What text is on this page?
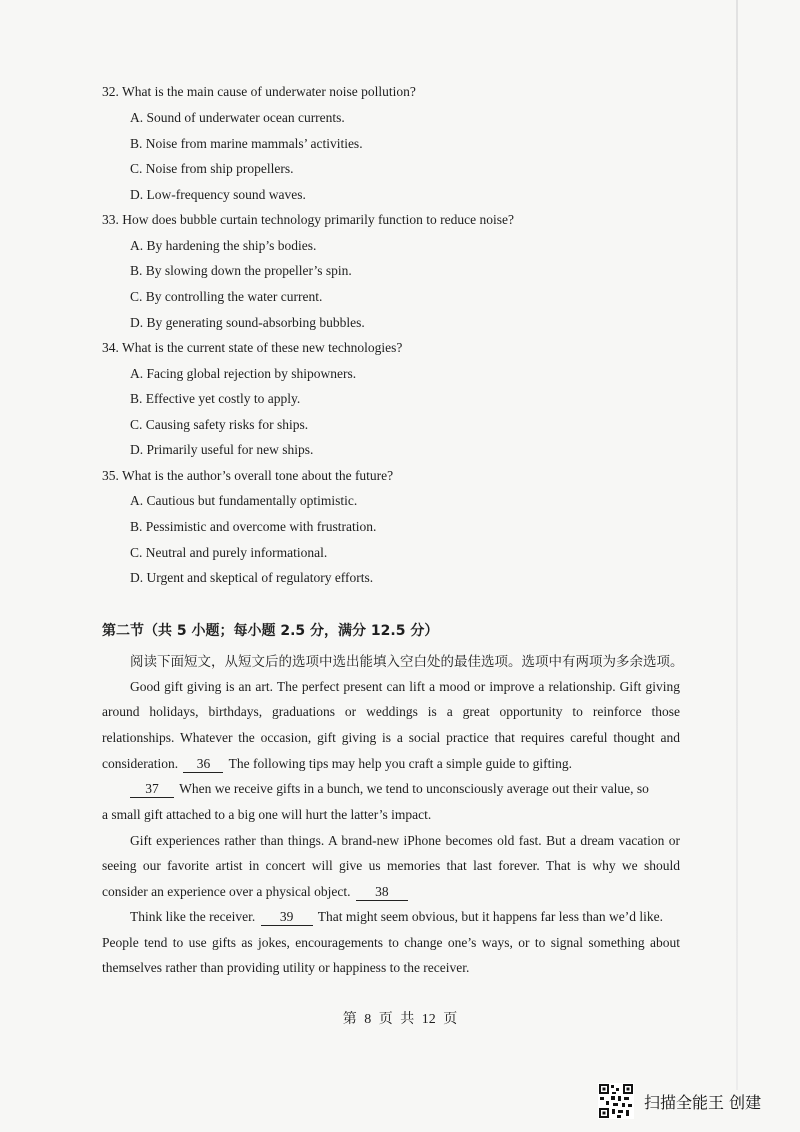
32. What is the main cause of underwater noise pollution?
A. Sound of underwater ocean currents.
B. Noise from marine mammals’ activities.
C. Noise from ship propellers.
D. Low-frequency sound waves.
33. How does bubble curtain technology primarily function to reduce noise?
A. By hardening the ship’s bodies.
B. By slowing down the propeller’s spin.
C. By controlling the water current.
D. By generating sound-absorbing bubbles.
34. What is the current state of these new technologies?
A. Facing global rejection by shipowners.
B. Effective yet costly to apply.
C. Causing safety risks for ships.
D. Primarily useful for new ships.
35. What is the author’s overall tone about the future?
A. Cautious but fundamentally optimistic.
B. Pessimistic and overcome with frustration.
C. Neutral and purely informational.
D. Urgent and skeptical of regulatory efforts.
第二节（共 5 小题；每小题 2.5 分，满分 12.5 分）
阅读下面短文，从短文后的选项中选出能填入空白处的最佳选项。选项中有两项为多余选项。
Good gift giving is an art. The perfect present can lift a mood or improve a relationship. Gift giving
around holidays, birthdays, graduations or weddings is a great opportunity to reinforce those
relationships. Whatever the occasion, gift giving is a social practice that requires careful thought and
consideration. 36 The following tips may help you craft a simple guide to gifting.
37 When we receive gifts in a bunch, we tend to unconsciously average out their value, so
a small gift attached to a big one will hurt the latter’s impact.
Gift experiences rather than things. A brand-new iPhone becomes old fast. But a dream vacation or
seeing our favorite artist in concert will give us memories that last forever. That is why we should
consider an experience over a physical object. 38
Think like the receiver. 39 That might seem obvious, but it happens far less than we’d like.
People tend to use gifts as jokes, encouragements to change one’s ways, or to signal something about
themselves rather than providing utility or happiness to the receiver.
第 8 页 共 12 页
扫描全能王 创建
